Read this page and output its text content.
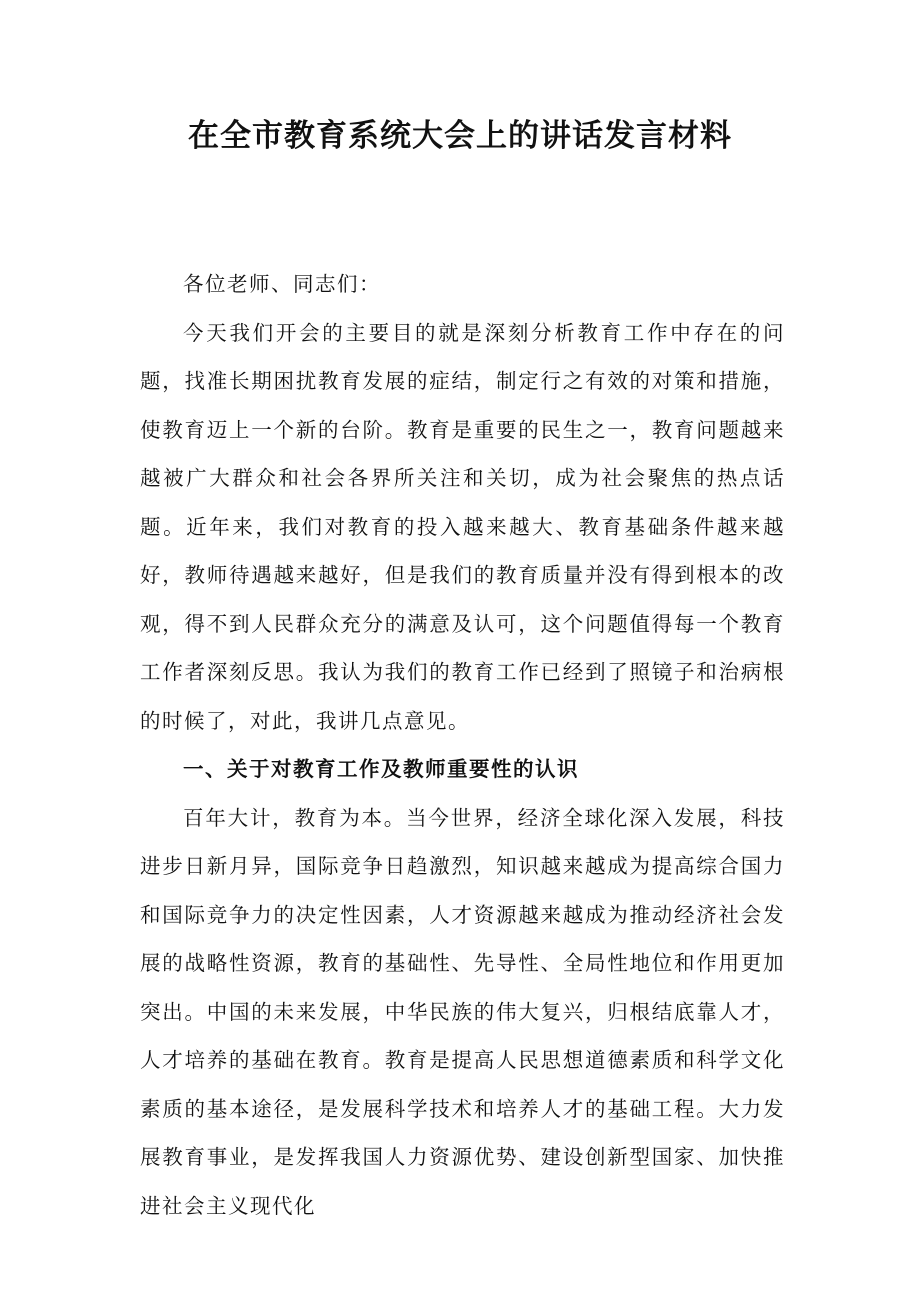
在全市教育系统大会上的讲话发言材料

各位老师、同志们：

今天我们开会的主要目的就是深刻分析教育工作中存在的问题，找准长期困扰教育发展的症结，制定行之有效的对策和措施，使教育迈上一个新的台阶。教育是重要的民生之一，教育问题越来越被广大群众和社会各界所关注和关切，成为社会聚焦的热点话题。近年来，我们对教育的投入越来越大、教育基础条件越来越好，教师待遇越来越好，但是我们的教育质量并没有得到根本的改观，得不到人民群众充分的满意及认可，这个问题值得每一个教育工作者深刻反思。我认为我们的教育工作已经到了照镜子和治病根的时候了，对此，我讲几点意见。

一、关于对教育工作及教师重要性的认识

百年大计，教育为本。当今世界，经济全球化深入发展，科技进步日新月异，国际竞争日趋激烈，知识越来越成为提高综合国力和国际竞争力的决定性因素，人才资源越来越成为推动经济社会发展的战略性资源，教育的基础性、先导性、全局性地位和作用更加突出。中国的未来发展，中华民族的伟大复兴，归根结底靠人才，人才培养的基础在教育。教育是提高人民思想道德素质和科学文化素质的基本途径，是发展科学技术和培养人才的基础工程。大力发展教育事业，是发挥我国人力资源优势、建设创新型国家、加快推进社会主义现代化
